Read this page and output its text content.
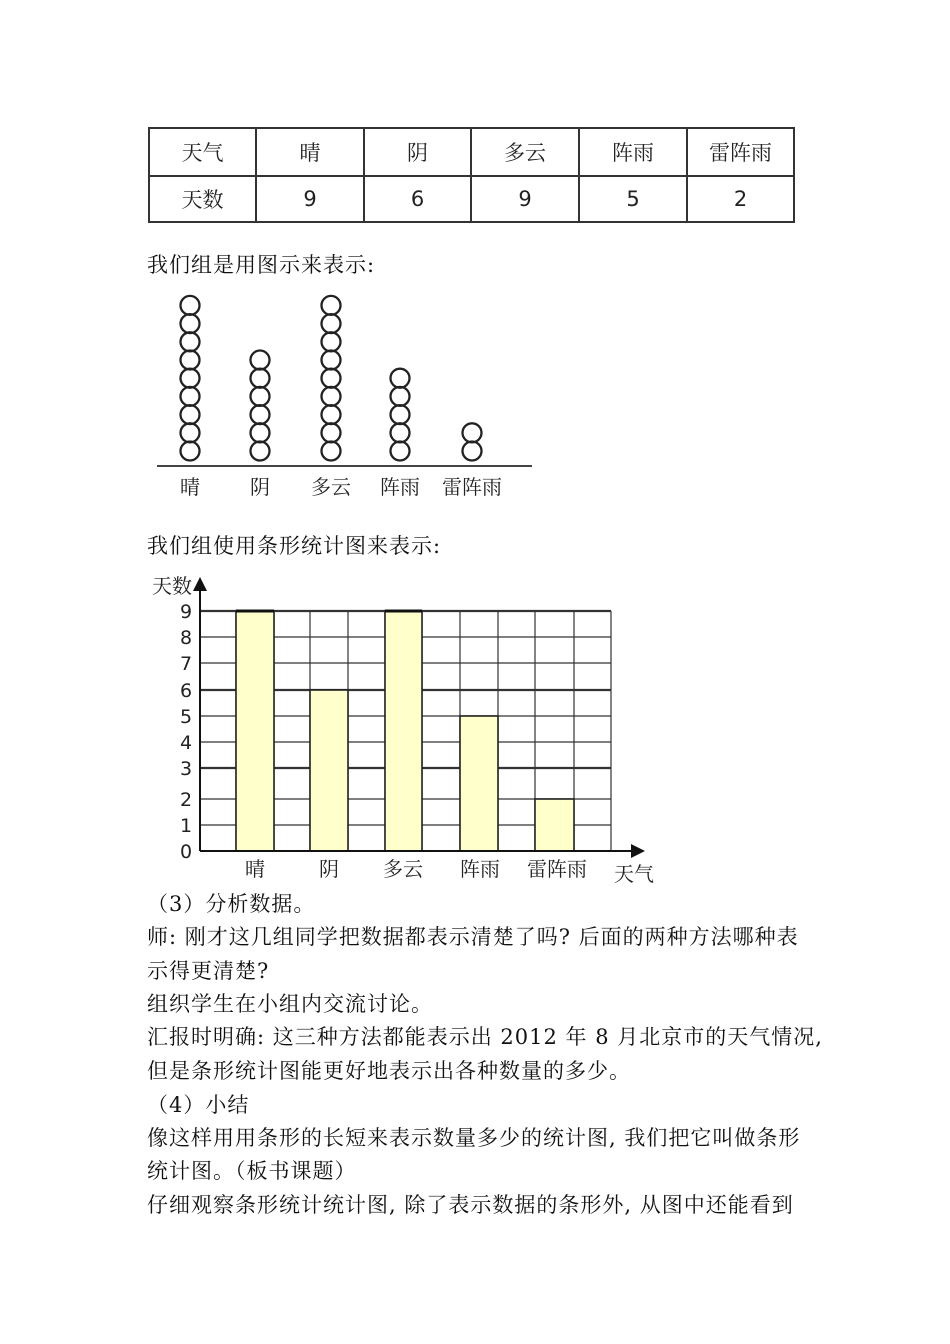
天气	晴	阴	多云	阵雨	雷阵雨
天数	9	6	9	5	2
我们组是用图示来表示:
晴	阴 多云 阵雨 雷阵雨
我们组使用条形统计图来表示:
0
1
2
3
4
5
6
7
8
9
天数
晴	阴 多云 阵雨 雷阵雨 天气
（3）分析数据。
师: 刚才这几组同学把数据都表示清楚了吗? 后面的两种方法哪种表
示得更清楚?
组织学生在小组内交流讨论。
汇报时明确: 这三种方法都能表示出 2012 年 8 月北京市的天气情况,
但是条形统计图能更好地表示出各种数量的多少。
（4）小结
像这样用用条形的长短来表示数量多少的统计图, 我们把它叫做条形
统计图。（板书课题）
仔细观察条形统计统计图, 除了表示数据的条形外, 从图中还能看到
